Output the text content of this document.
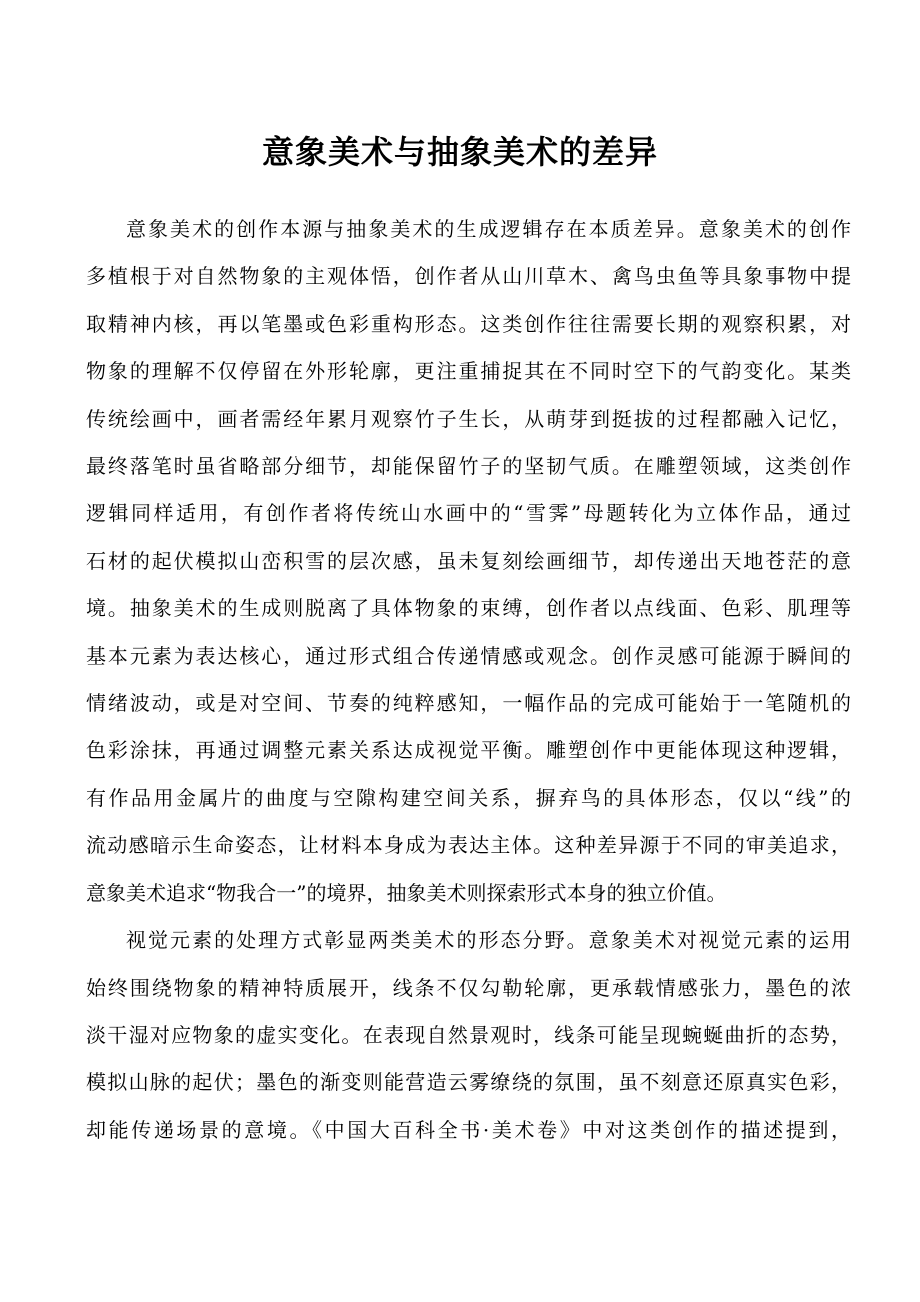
意象美术与抽象美术的差异
意象美术的创作本源与抽象美术的生成逻辑存在本质差异。意象美术的创作
多植根于对自然物象的主观体悟，创作者从山川草木、禽鸟虫鱼等具象事物中提
取精神内核，再以笔墨或色彩重构形态。这类创作往往需要长期的观察积累，对
物象的理解不仅停留在外形轮廓，更注重捕捉其在不同时空下的气韵变化。某类
传统绘画中，画者需经年累月观察竹子生长，从萌芽到挺拔的过程都融入记忆，
最终落笔时虽省略部分细节，却能保留竹子的坚韧气质。在雕塑领域，这类创作
逻辑同样适用，有创作者将传统山水画中的“雪霁”母题转化为立体作品，通过
石材的起伏模拟山峦积雪的层次感，虽未复刻绘画细节，却传递出天地苍茫的意
境。抽象美术的生成则脱离了具体物象的束缚，创作者以点线面、色彩、肌理等
基本元素为表达核心，通过形式组合传递情感或观念。创作灵感可能源于瞬间的
情绪波动，或是对空间、节奏的纯粹感知，一幅作品的完成可能始于一笔随机的
色彩涂抹，再通过调整元素关系达成视觉平衡。雕塑创作中更能体现这种逻辑，
有作品用金属片的曲度与空隙构建空间关系，摒弃鸟的具体形态，仅以“线”的
流动感暗示生命姿态，让材料本身成为表达主体。这种差异源于不同的审美追求，
意象美术追求“物我合一”的境界，抽象美术则探索形式本身的独立价值。
视觉元素的处理方式彰显两类美术的形态分野。意象美术对视觉元素的运用
始终围绕物象的精神特质展开，线条不仅勾勒轮廓，更承载情感张力，墨色的浓
淡干湿对应物象的虚实变化。在表现自然景观时，线条可能呈现蜿蜒曲折的态势，
模拟山脉的起伏；墨色的渐变则能营造云雾缭绕的氛围，虽不刻意还原真实色彩，
却能传递场景的意境。《中国大百科全书·美术卷》中对这类创作的描述提到，
